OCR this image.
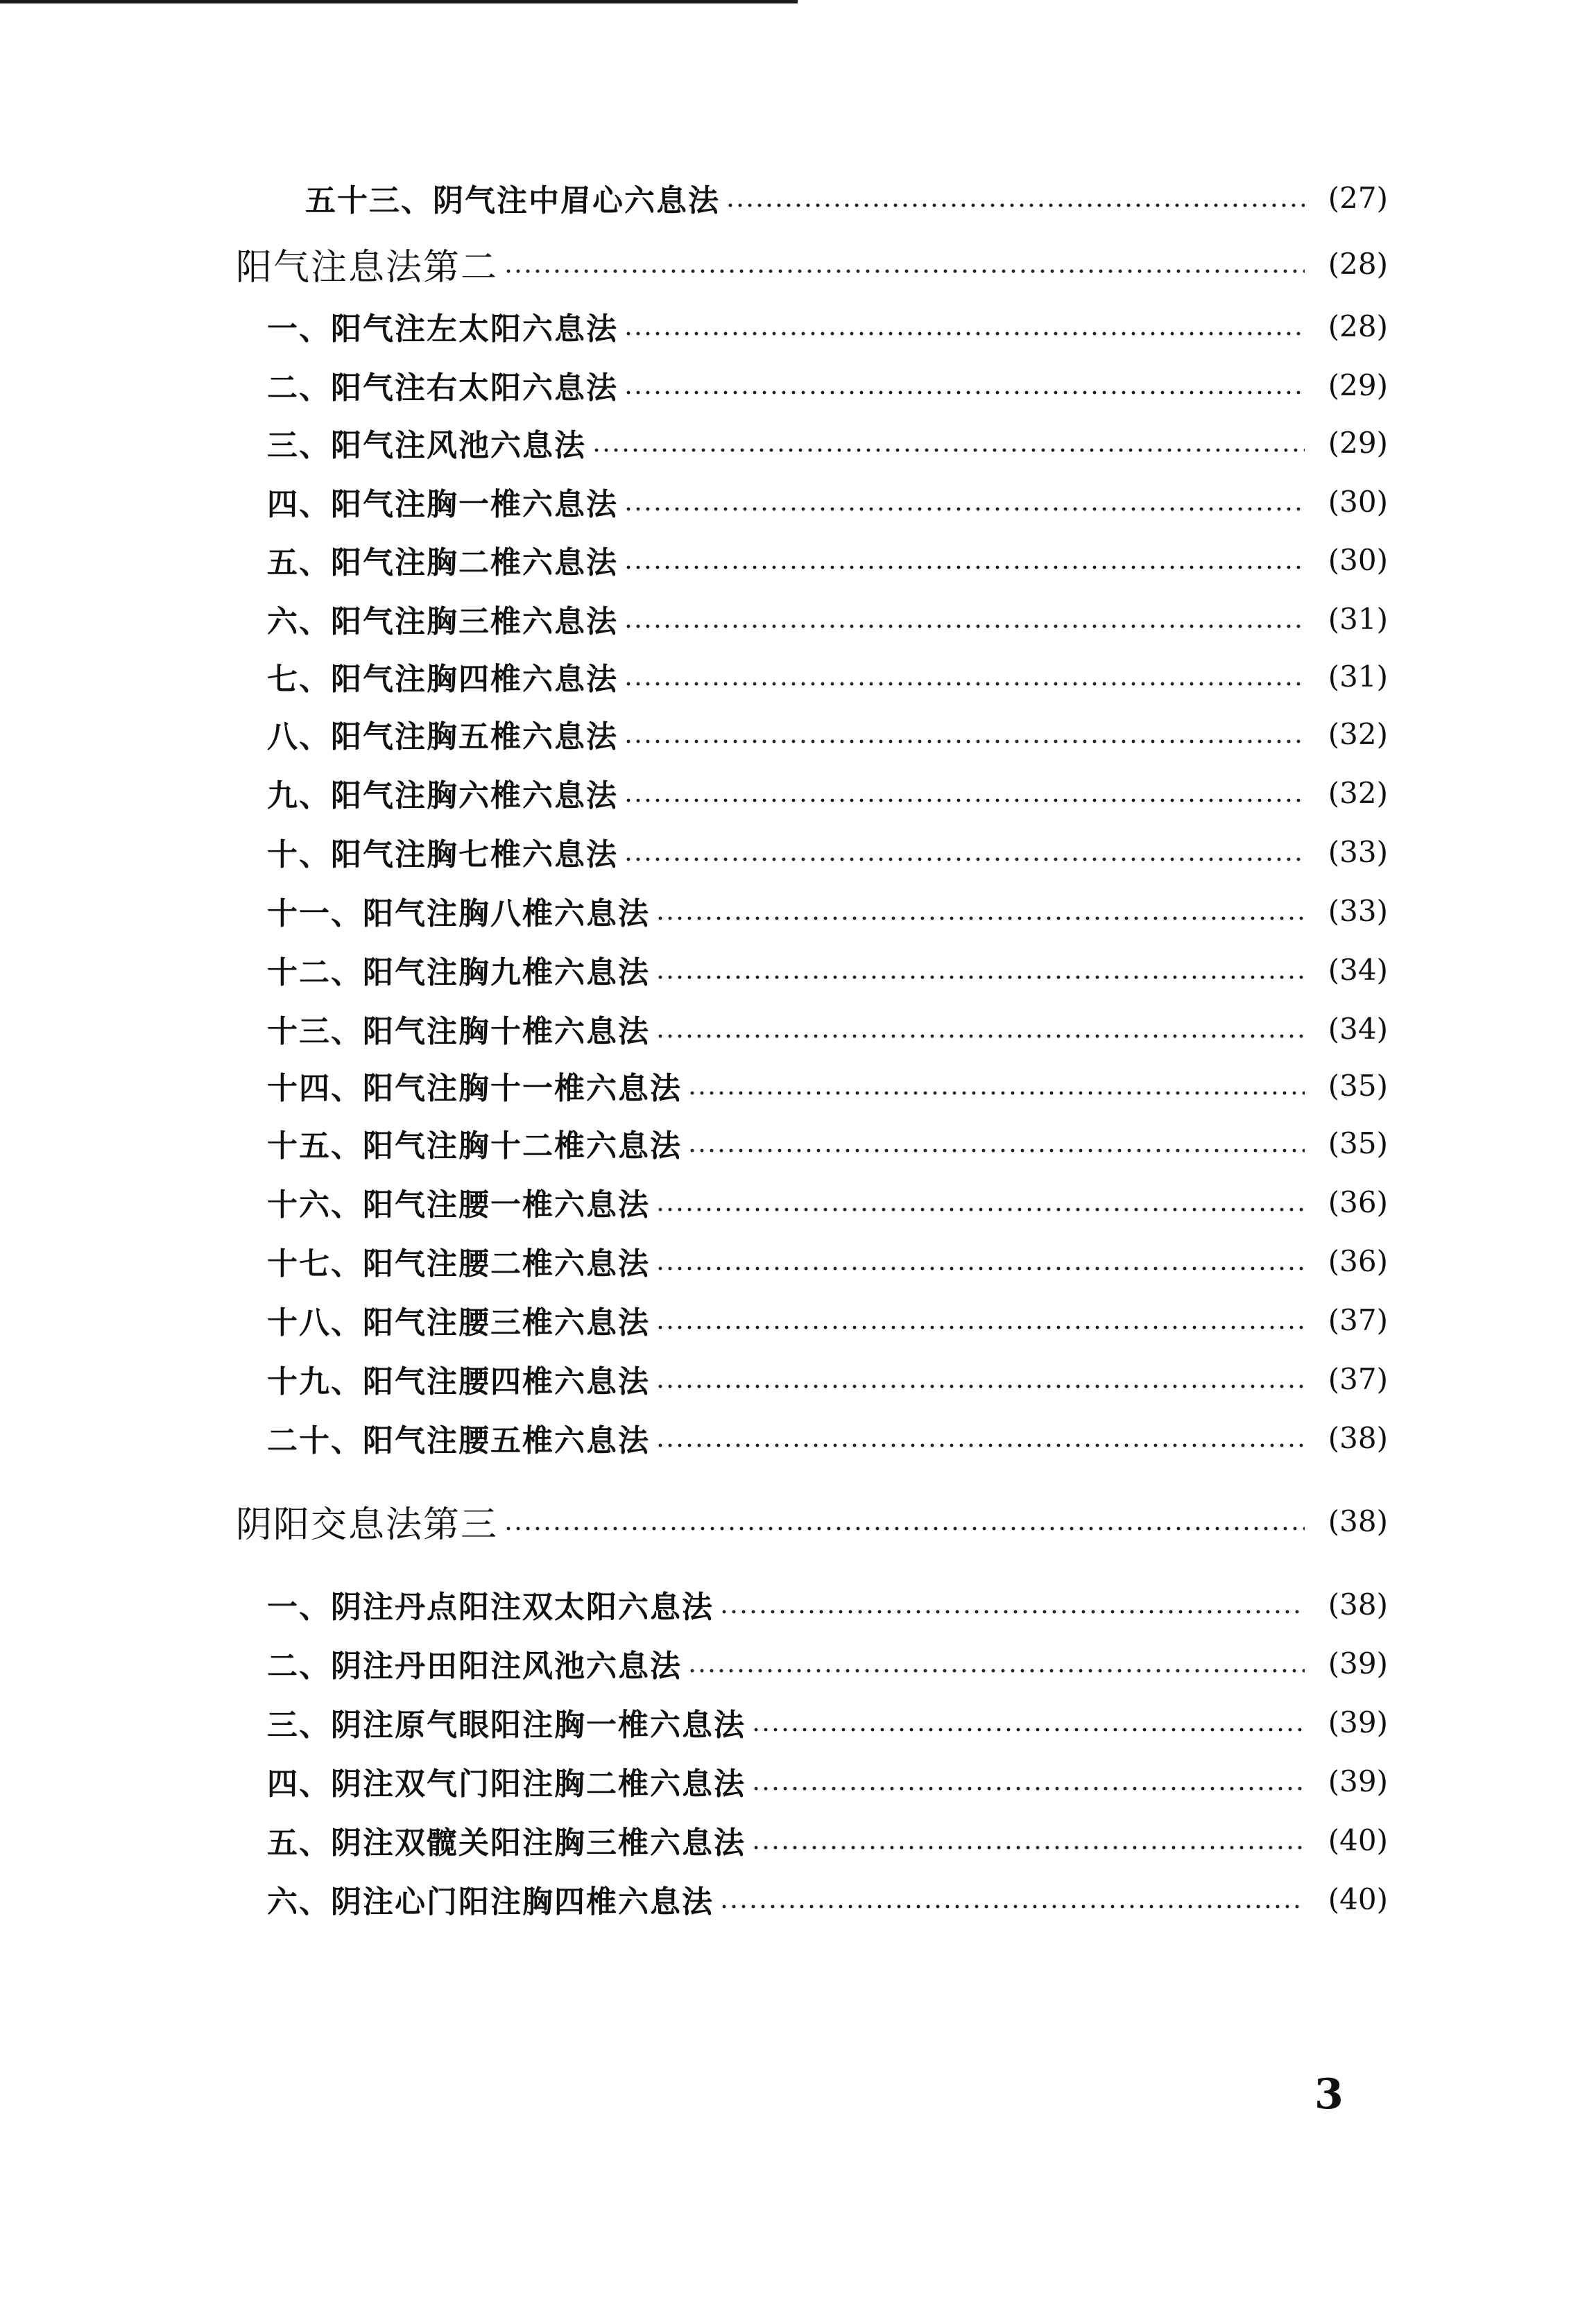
五十三、阴气注中眉心六息法	(27)
阳气注息法第二	(28)
一、阳气注左太阳六息法	(28)
二、阳气注右太阳六息法	(29)
三、阳气注风池六息法	(29)
四、阳气注胸一椎六息法	(30)
五、阳气注胸二椎六息法	(30)
六、阳气注胸三椎六息法	(31)
七、阳气注胸四椎六息法	(31)
八、阳气注胸五椎六息法	(32)
九、阳气注胸六椎六息法	(32)
十、阳气注胸七椎六息法	(33)
十一、阳气注胸八椎六息法	(33)
十二、阳气注胸九椎六息法	(34)
十三、阳气注胸十椎六息法	(34)
十四、阳气注胸十一椎六息法	(35)
十五、阳气注胸十二椎六息法	(35)
十六、阳气注腰一椎六息法	(36)
十七、阳气注腰二椎六息法	(36)
十八、阳气注腰三椎六息法	(37)
十九、阳气注腰四椎六息法	(37)
二十、阳气注腰五椎六息法	(38)
阴阳交息法第三	(38)
一、阴注丹点阳注双太阳六息法	(38)
二、阴注丹田阳注风池六息法	(39)
三、阴注原气眼阳注胸一椎六息法	(39)
四、阴注双气门阳注胸二椎六息法	(39)
五、阴注双髋关阳注胸三椎六息法	(40)
六、阴注心门阳注胸四椎六息法	(40)
3
